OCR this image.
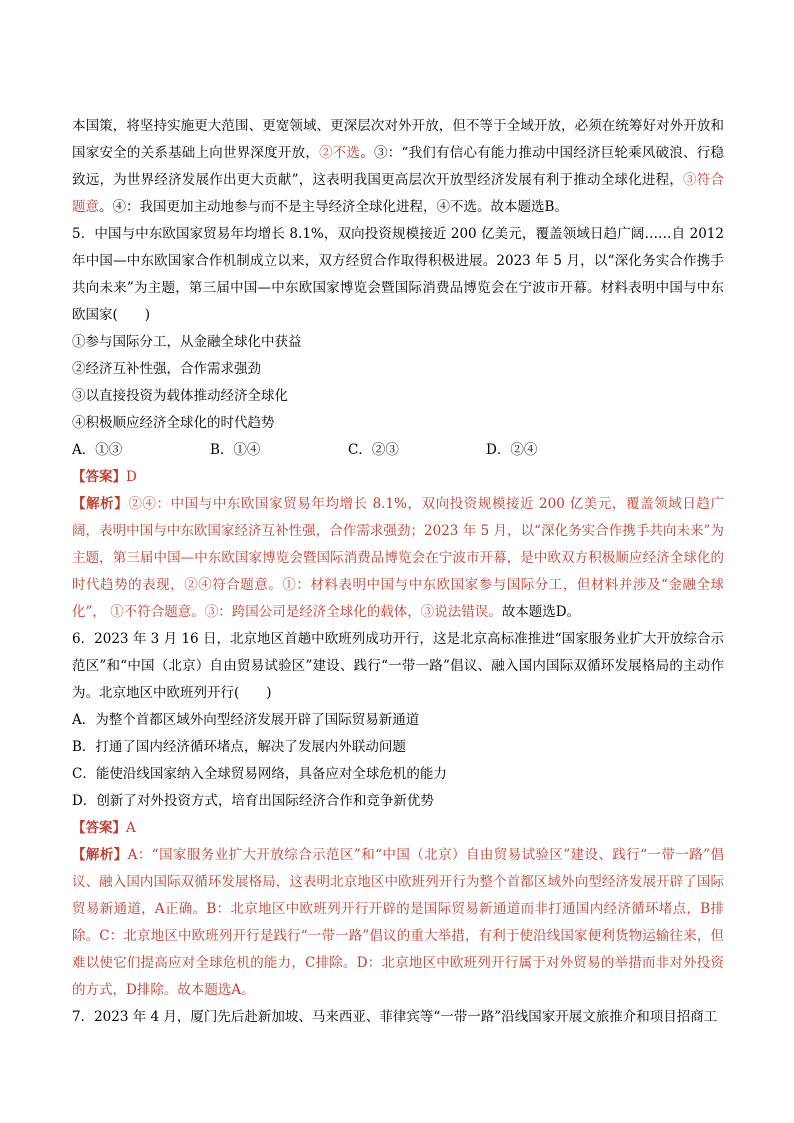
本国策，将坚持实施更大范围、更宽领域、更深层次对外开放，但不等于全域开放，必须在统筹好对外开放和国家安全的关系基础上向世界深度开放，②不选。③：“我们有信心有能力推动中国经济巨轮乘风破浪、行稳致远，为世界经济发展作出更大贡献”，这表明我国更高层次开放型经济发展有利于推动全球化进程，③符合题意。④：我国更加主动地参与而不是主导经济全球化进程，④不选。故本题选B。

5．中国与中东欧国家贸易年均增长 8.1%，双向投资规模接近 200 亿美元，覆盖领域日趋广阔……自 2012 年中国—中东欧国家合作机制成立以来，双方经贸合作取得积极进展。2023 年 5 月，以“深化务实合作携手共向未来”为主题，第三届中国—中东欧国家博览会暨国际消费品博览会在宁波市开幕。材料表明中国与中东欧国家(　　)

①参与国际分工，从金融全球化中获益

②经济互补性强，合作需求强劲

③以直接投资为载体推动经济全球化

④积极顺应经济全球化的时代趋势

A．①③	B．①④	C．②③	D．②④

【答案】D

【解析】②④：中国与中东欧国家贸易年均增长 8.1%，双向投资规模接近 200 亿美元，覆盖领域日趋广阔，表明中国与中东欧国家经济互补性强，合作需求强劲；2023 年 5 月，以“深化务实合作携手共向未来”为主题，第三届中国—中东欧国家博览会暨国际消费品博览会在宁波市开幕，是中欧双方积极顺应经济全球化的时代趋势的表现，②④符合题意。①：材料表明中国与中东欧国家参与国际分工，但材料并涉及“金融全球化”， ①不符合题意。③：跨国公司是经济全球化的载体，③说法错误。故本题选D。

6．2023 年 3 月 16 日，北京地区首趟中欧班列成功开行，这是北京高标准推进“国家服务业扩大开放综合示范区”和“中国（北京）自由贸易试验区”建设、践行“一带一路”倡议、融入国内国际双循环发展格局的主动作为。北京地区中欧班列开行(　　)

A．为整个首都区域外向型经济发展开辟了国际贸易新通道

B．打通了国内经济循环堵点，解决了发展内外联动问题

C．能使沿线国家纳入全球贸易网络，具备应对全球危机的能力

D．创新了对外投资方式，培育出国际经济合作和竞争新优势

【答案】A

【解析】A：“国家服务业扩大开放综合示范区”和“中国（北京）自由贸易试验区”建设、践行“一带一路”倡议、融入国内国际双循环发展格局，这表明北京地区中欧班列开行为整个首都区域外向型经济发展开辟了国际贸易新通道，A正确。B：北京地区中欧班列开行开辟的是国际贸易新通道而非打通国内经济循环堵点，B排除。C：北京地区中欧班列开行是践行“一带一路”倡议的重大举措，有利于使沿线国家便利货物运输往来，但难以使它们提高应对全球危机的能力，C排除。D：北京地区中欧班列开行属于对外贸易的举措而非对外投资的方式，D排除。故本题选A。

7．2023 年 4 月，厦门先后赴新加坡、马来西亚、菲律宾等“一带一路”沿线国家开展文旅推介和项目招商工
